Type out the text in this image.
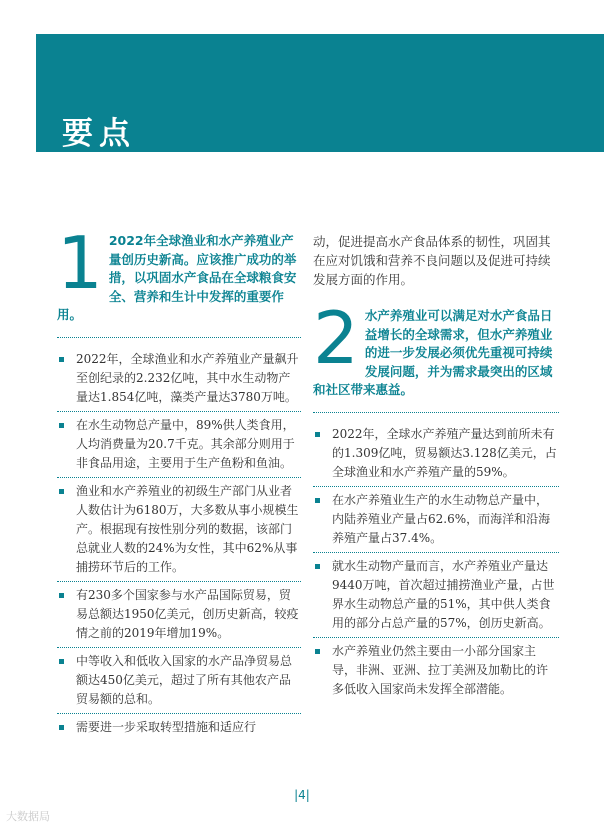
要点
1 2022年全球渔业和水产养殖业产量创历史新高。应该推广成功的举措，以巩固水产食品在全球粮食安全、营养和生计中发挥的重要作用。
2022年，全球渔业和水产养殖业产量飙升至创纪录的2.232亿吨，其中水生动物产量达1.854亿吨，藻类产量达3780万吨。
在水生动物总产量中，89%供人类食用，人均消费量为20.7千克。其余部分则用于非食品用途，主要用于生产鱼粉和鱼油。
渔业和水产养殖业的初级生产部门从业者人数估计为6180万，大多数从事小规模生产。根据现有按性别分列的数据，该部门总就业人数的24%为女性，其中62%从事捕捞环节后的工作。
有230多个国家参与水产品国际贸易，贸易总额达1950亿美元，创历史新高，较疫情之前的2019年增加19%。
中等收入和低收入国家的水产品净贸易总额达450亿美元，超过了所有其他农产品贸易额的总和。
需要进一步采取转型措施和适应行
动，促进提高水产食品体系的韧性，巩固其在应对饥饿和营养不良问题以及促进可持续发展方面的作用。
2 水产养殖业可以满足对水产食品日益增长的全球需求，但水产养殖业的进一步发展必须优先重视可持续发展问题，并为需求最突出的区域和社区带来惠益。
2022年，全球水产养殖产量达到前所未有的1.309亿吨，贸易额达3.128亿美元，占全球渔业和水产养殖产量的59%。
在水产养殖业生产的水生动物总产量中，内陆养殖业产量占62.6%，而海洋和沿海养殖产量占37.4%。
就水生动物产量而言，水产养殖业产量达9440万吨，首次超过捕捞渔业产量，占世界水生动物总产量的51%，其中供人类食用的部分占总产量的57%，创历史新高。
水产养殖业仍然主要由一小部分国家主导，非洲、亚洲、拉丁美洲及加勒比的许多低收入国家尚未发挥全部潜能。
|4|
大数据局
